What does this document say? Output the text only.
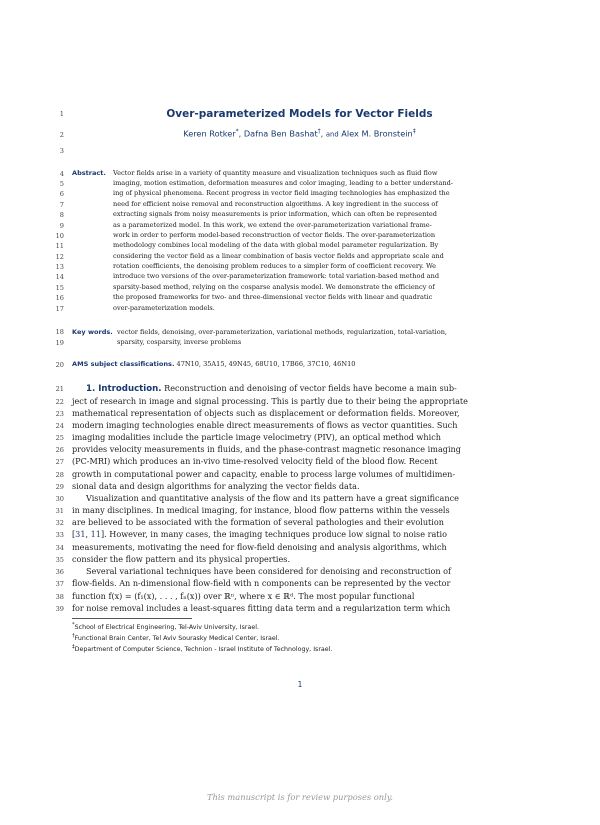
1
2
3
4
5
6
7
8
9
10
11
12
13
14
15
16
17
18
19
20
21
22
23
24
25
26
27
28
29
30
31
32
33
34
35
36
37
38
39
Over-parameterized Models for Vector Fields
Keren Rotker*, Dafna Ben Bashat†, and Alex M. Bronstein‡
Abstract.	Vector fields arise in a variety of quantity measure and visualization techniques such as fluid flow
imaging, motion estimation, deformation measures and color imaging, leading to a better understand-
ing of physical phenomena. Recent progress in vector field imaging technologies has emphasized the
need for efficient noise removal and reconstruction algorithms. A key ingredient in the success of
extracting signals from noisy measurements is prior information, which can often be represented
as a parameterized model. In this work, we extend the over-parameterization variational frame-
work in order to perform model-based reconstruction of vector fields. The over-parameterization
methodology combines local modeling of the data with global model parameter regularization. By
considering the vector field as a linear combination of basis vector fields and appropriate scale and
rotation coefficients, the denoising problem reduces to a simpler form of coefficient recovery. We
introduce two versions of the over-parameterization framework: total variation-based method and
sparsity-based method, relying on the cosparse analysis model. We demonstrate the efficiency of
the proposed frameworks for two- and three-dimensional vector fields with linear and quadratic
over-parameterization models.
Key words. vector fields, denoising, over-parameterization, variational methods, regularization, total-variation,
sparsity, cosparsity, inverse problems
AMS subject classifications. 47N10, 35A15, 49N45, 68U10, 17B66, 37C10, 46N10
1. Introduction. Reconstruction and denoising of vector fields have become a main sub-
ject of research in image and signal processing. This is partly due to their being the appropriate
mathematical representation of objects such as displacement or deformation fields. Moreover,
modern imaging technologies enable direct measurements of flows as vector quantities. Such
imaging modalities include the particle image velocimetry (PIV), an optical method which
provides velocity measurements in fluids, and the phase-contrast magnetic resonance imaging
(PC-MRI) which produces an in-vivo time-resolved velocity field of the blood flow. Recent
growth in computational power and capacity, enable to process large volumes of multidimen-
sional data and design algorithms for analyzing the vector fields data.
Visualization and quantitative analysis of the flow and its pattern have a great significance
in many disciplines. In medical imaging, for instance, blood flow patterns within the vessels
are believed to be associated with the formation of several pathologies and their evolution
[31, 11]. However, in many cases, the imaging techniques produce low signal to noise ratio
measurements, motivating the need for flow-field denoising and analysis algorithms, which
consider the flow pattern and its physical properties.
Several variational techniques have been considered for denoising and reconstruction of
flow-fields. An n-dimensional flow-field with n components can be represented by the vector
function f(x) = (f₁(x), . . . , fₙ(x)) over ℝⁿ, where x ∈ ℝᵈ. The most popular functional
for noise removal includes a least-squares fitting data term and a regularization term which
*School of Electrical Engineering, Tel-Aviv University, Israel.
†Functional Brain Center, Tel Aviv Sourasky Medical Center, Israel.
‡Department of Computer Science, Technion - Israel Institute of Technology, Israel.
1
This manuscript is for review purposes only.
